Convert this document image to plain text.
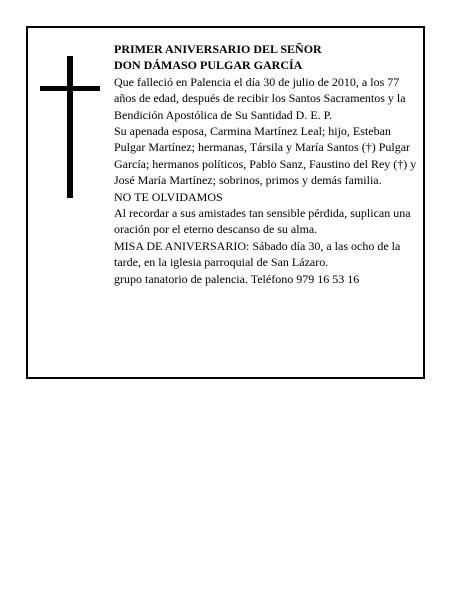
PRIMER ANIVERSARIO DEL SEÑOR

DON DÁMASO PULGAR GARCÍA

Que falleció en Palencia el día 30 de julio de 2010, a los 77 años de edad, después de recibir los Santos Sacramentos y la Bendición Apostólica de Su Santidad D. E. P.

Su apenada esposa, Carmina Martínez Leal; hijo, Esteban Pulgar Martínez; hermanas, Társila y María Santos (†) Pulgar García; hermanos políticos, Pablo Sanz, Faustino del Rey (†) y José María Martínez; sobrinos, primos y demás familia.

NO TE OLVIDAMOS

Al recordar a sus amistades tan sensible pérdida, suplican una oración por el eterno descanso de su alma.

MISA DE ANIVERSARIO: Sábado día 30, a las ocho de la tarde, en la iglesia parroquial de San Lázaro.

grupo tanatorio de palencia. Teléfono 979 16 53 16
